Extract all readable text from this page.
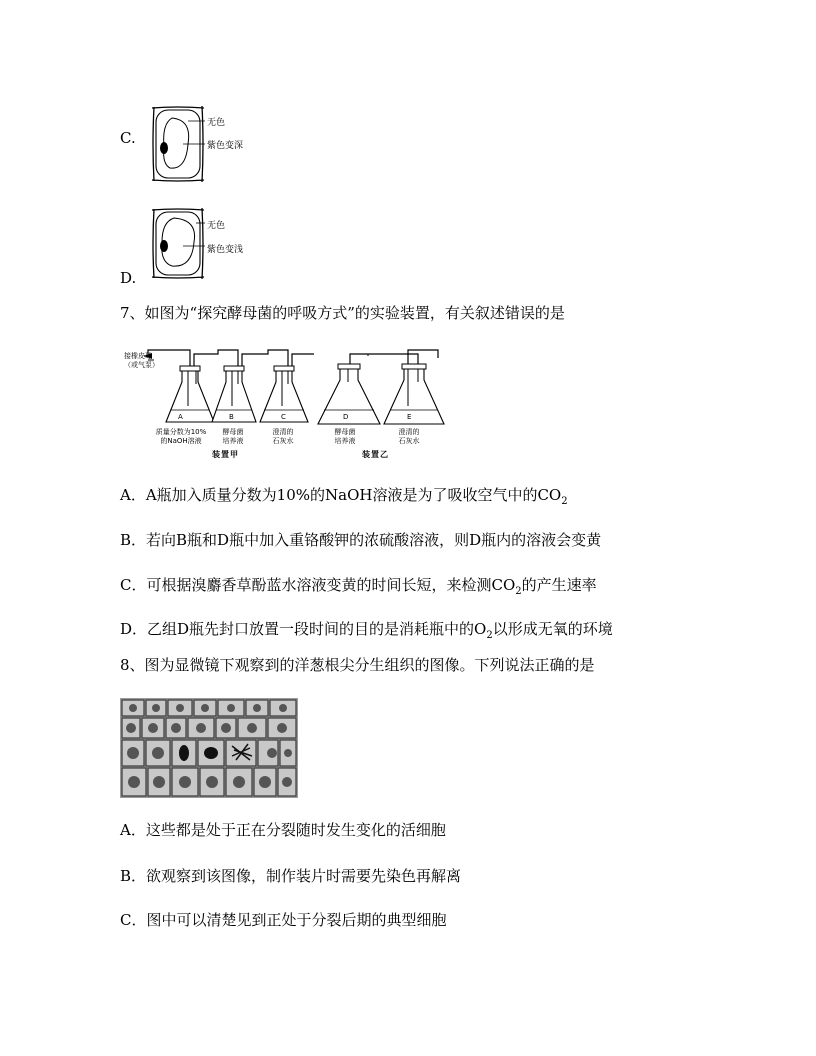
C.
无色
紫色变深
D.
无色
紫色变浅
7、如图为“探究酵母菌的呼吸方式”的实验装置，有关叙述错误的是
接橡皮球
（或气泵）
A	B	C	D	E
质量分数为10%
的NaOH溶液
酵母菌
培养液
澄清的
石灰水
酵母菌
培养液
澄清的
石灰水
装置甲	装置乙
A．A瓶加入质量分数为10%的NaOH溶液是为了吸收空气中的$CO_2$
B．若向B瓶和D瓶中加入重铬酸钾的浓硫酸溶液，则D瓶内的溶液会变黄
C．可根据溴麝香草酚蓝水溶液变黄的时间长短，来检测$CO_2$的产生速率
D．乙组D瓶先封口放置一段时间的目的是消耗瓶中的$O_2$以形成无氧的环境
8、图为显微镜下观察到的洋葱根尖分生组织的图像。下列说法正确的是
A．这些都是处于正在分裂随时发生变化的活细胞
B．欲观察到该图像，制作装片时需要先染色再解离
C．图中可以清楚见到正处于分裂后期的典型细胞
